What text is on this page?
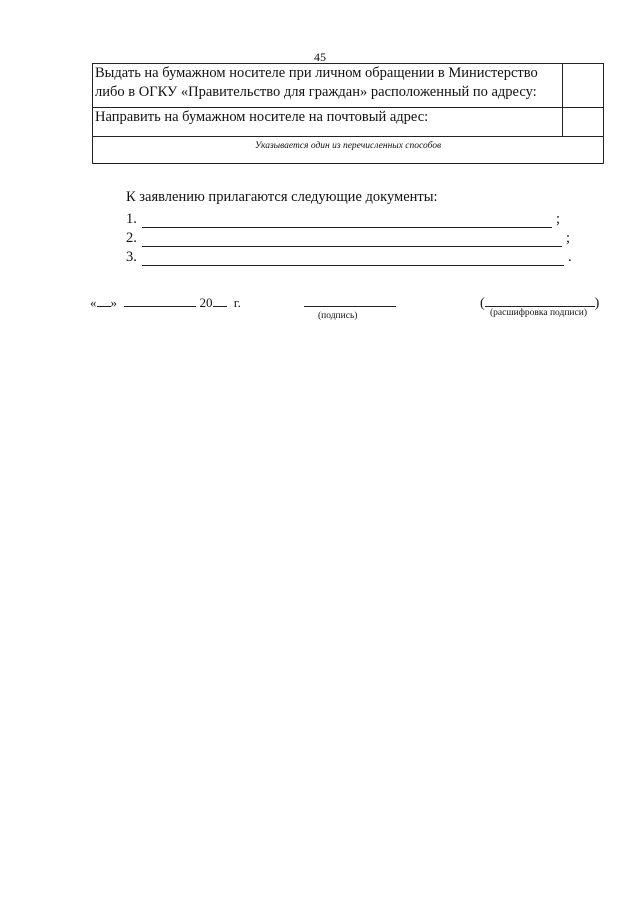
45
Выдать на бумажном носителе при личном обращении в Министерство либо в ОГКУ «Правительство для граждан» расположенный по адресу:	
Направить на бумажном носителе на почтовый адрес:	
Указывается один из перечисленных способов	
К заявлению прилагаются следующие документы:
1.	;
2.	;
3.	.
« »	20 г.
(подпись)
(	)
(расшифровка подписи)
